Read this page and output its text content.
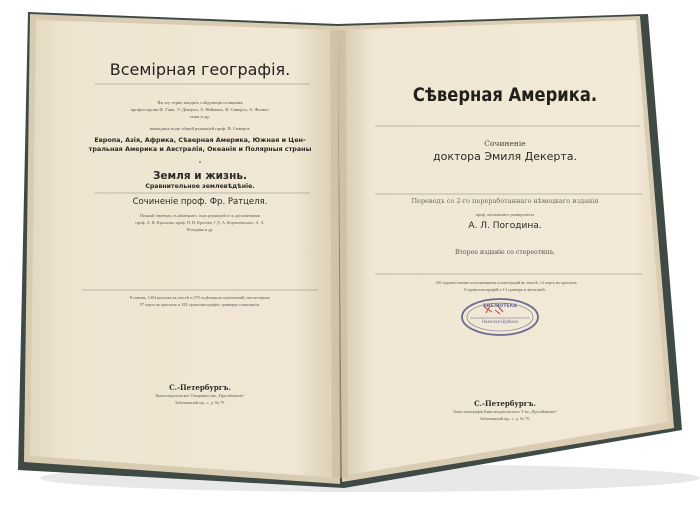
Всемірная географія.
Въ эту серію входятъ слѣдующія сочиненія
профессоровъ Ф. Гана, Э. Декерта, Л. Нейманъ, В. Сиверса, А. Филип-
пона и др.
вышедшія подъ общей редакціей проф. В. Сиверса:
Европа, Азія, Африка, Сѣверная Америка, Южная и Цен-
тральная Америка и Австралія, Океанія и Полярныя страны
и
Земля и жизнь.
Сравнительное землевѣдѣніе.
Сочиненіе проф. Фр. Ратцеля.
Полный переводъ съ нѣмецкаго, подъ редакціей и съ дополненіями
проф. А. Н. Краснова, проф. П. Н. Кротова, † Д. А. Коропчевскаго, А. А.
Погодина и др.
8 томовъ, 1454 рисунка въ текстѣ и 279 отдѣльныхъ приложеній, изъ которыхъ
97 картъ въ краскахъ и 182 хромолитографіи, гравюры и автотипіи.
С.-Петербургъ.
Книгоиздательское Товарищество „Просвѣщеніе“
Забалканскій пр., с. д. № 75.
Сѣверная Америка.
Сочиненіе
доктора Эмиля Декерта.
Переводъ со 2-го переработаннаго нѣмецкаго изданія
проф. московскаго университета
А. Л. Погодина.
Второе изданіе со стереотипа.
130 художественно исполненныхъ иллюстрацій въ текстѣ, 12 картъ въ краскахъ
8 хромолитографій и 13 гравюръ и автотипій.
БИБЛІОТЕКА
Николая Шубина
С.-Петербургъ.
Типо-литографія Книгоиздательскаго Т-ва „Просвѣщеніе“
Забалканскій пр., с. д. № 75.
